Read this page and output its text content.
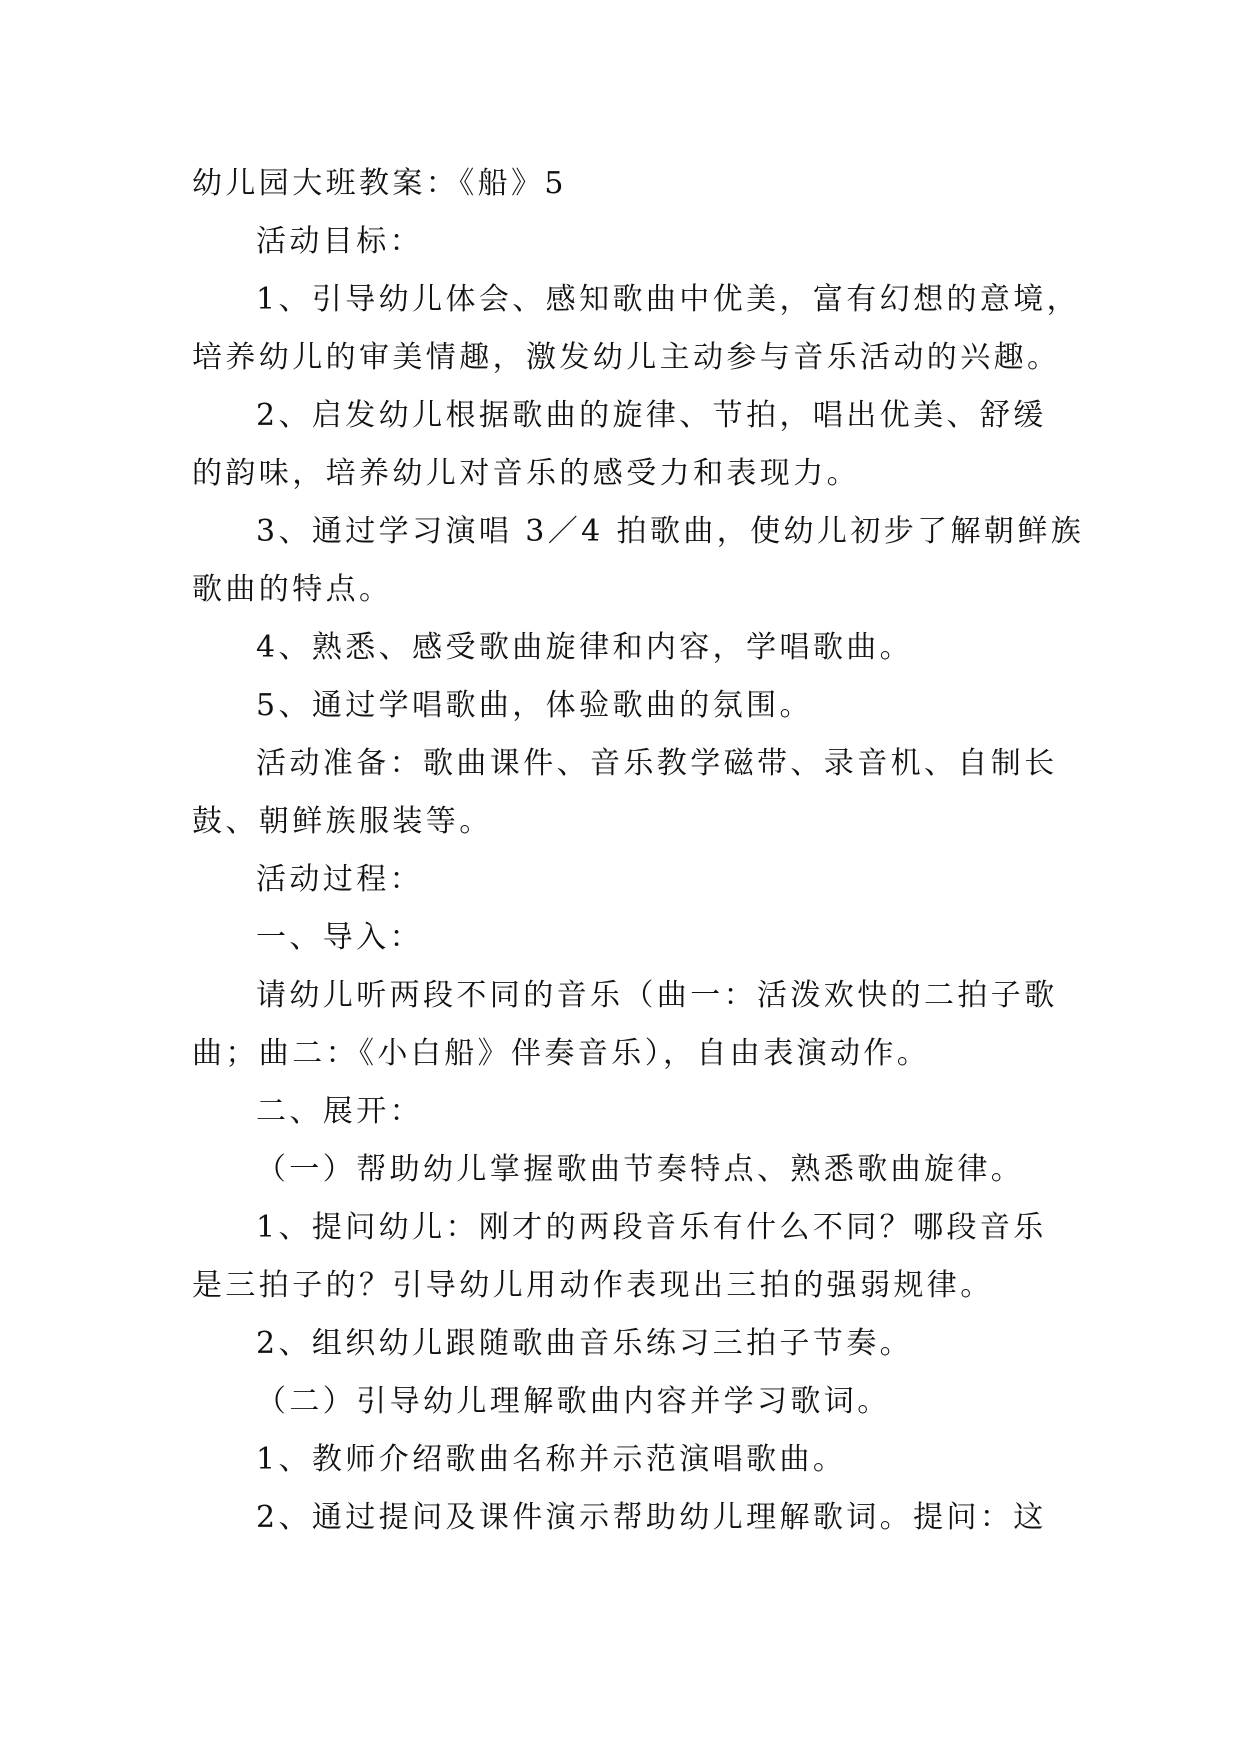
幼儿园大班教案：《船》5
活动目标：
1、引导幼儿体会、感知歌曲中优美，富有幻想的意境，
培养幼儿的审美情趣，激发幼儿主动参与音乐活动的兴趣。
2、启发幼儿根据歌曲的旋律、节拍，唱出优美、舒缓
的韵味，培养幼儿对音乐的感受力和表现力。
3、通过学习演唱 3／4 拍歌曲，使幼儿初步了解朝鲜族
歌曲的特点。
4、熟悉、感受歌曲旋律和内容，学唱歌曲。
5、通过学唱歌曲，体验歌曲的氛围。
活动准备：歌曲课件、音乐教学磁带、录音机、自制长
鼓、朝鲜族服装等。
活动过程：
一、导入：
请幼儿听两段不同的音乐（曲一：活泼欢快的二拍子歌
曲；曲二：《小白船》伴奏音乐），自由表演动作。
二、展开：
（一）帮助幼儿掌握歌曲节奏特点、熟悉歌曲旋律。
1、提问幼儿：刚才的两段音乐有什么不同？哪段音乐
是三拍子的？引导幼儿用动作表现出三拍的强弱规律。
2、组织幼儿跟随歌曲音乐练习三拍子节奏。
（二）引导幼儿理解歌曲内容并学习歌词。
1、教师介绍歌曲名称并示范演唱歌曲。
2、通过提问及课件演示帮助幼儿理解歌词。提问：这
